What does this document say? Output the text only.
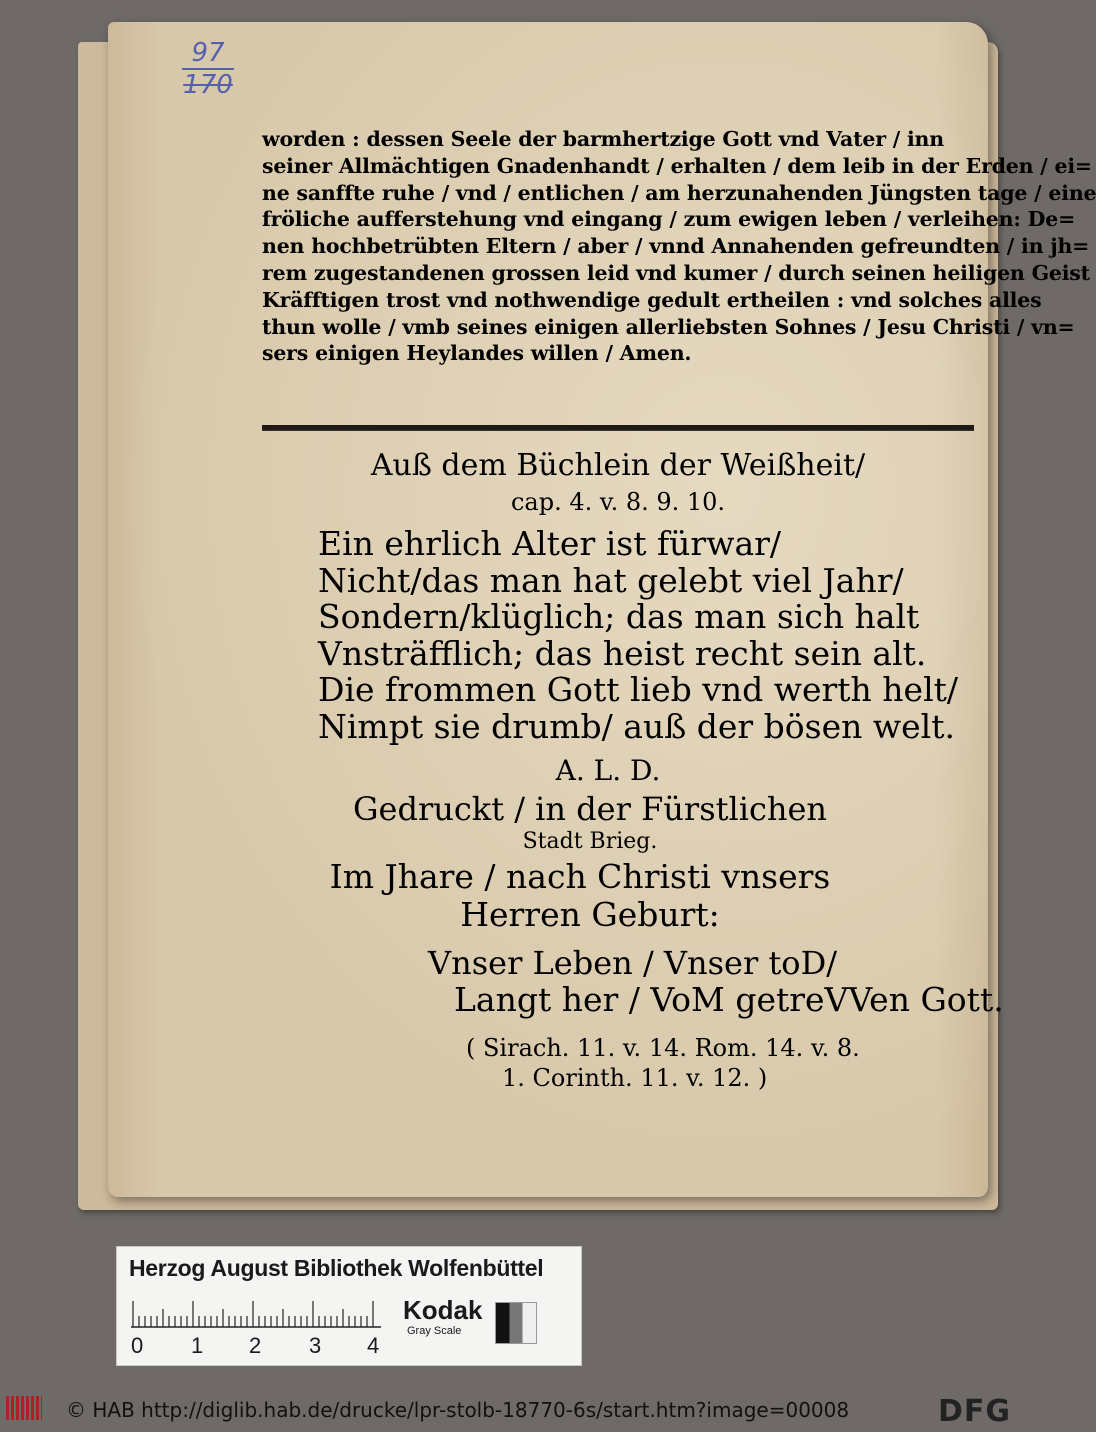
97
170
worden : dessen Seele der barmhertzige Gott vnd Vater / inn
seiner Allmächtigen Gnadenhandt / erhalten / dem leib in der Erden / ei=
ne sanffte ruhe / vnd / entlichen / am herzunahenden Jüngsten tage / eine
fröliche aufferstehung vnd eingang / zum ewigen leben / verleihen: De=
nen hochbetrübten Eltern / aber / vnnd Annahenden gefreundten / in jh=
rem zugestandenen grossen leid vnd kumer / durch seinen heiligen Geist
Kräfftigen trost vnd nothwendige gedult ertheilen : vnd solches alles
thun wolle / vmb seines einigen allerliebsten Sohnes / Jesu Christi / vn=
sers einigen Heylandes willen / Amen.
Auß dem Büchlein der Weißheit/
cap. 4. v. 8. 9. 10.
Ein ehrlich Alter ist fürwar/
Nicht/das man hat gelebt viel Jahr/
Sondern/klüglich; das man sich halt
Vnsträfflich; das heist recht sein alt.
Die frommen Gott lieb vnd werth helt/
Nimpt sie drumb/ auß der bösen welt.
A. L. D.
Gedruckt / in der Fürstlichen
Stadt Brieg.
Im Jhare / nach Christi vnsers
Herren Geburt:
Vnser Leben / Vnser toD/
Langt her / VoM getreVVen Gott.
( Sirach. 11. v. 14. Rom. 14. v. 8.
1. Corinth. 11. v. 12. )
Herzog August Bibliothek Wolfenbüttel
0 1 2 3 4
Kodak
Gray Scale
© HAB http://diglib.hab.de/drucke/lpr-stolb-18770-6s/start.htm?image=00008	DFG
